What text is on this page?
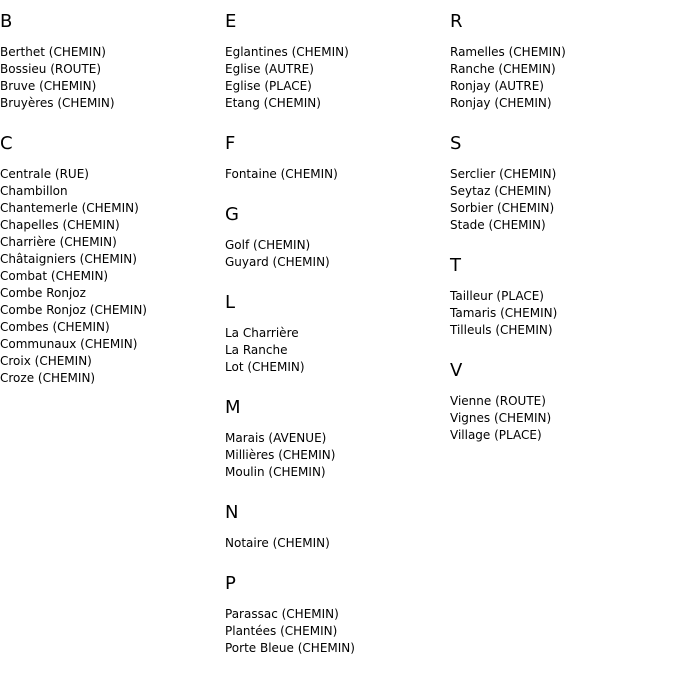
B
Berthet (CHEMIN)
Bossieu (ROUTE)
Bruve (CHEMIN)
Bruyères (CHEMIN)
C
Centrale (RUE)
Chambillon
Chantemerle (CHEMIN)
Chapelles (CHEMIN)
Charrière (CHEMIN)
Châtaigniers (CHEMIN)
Combat (CHEMIN)
Combe Ronjoz
Combe Ronjoz (CHEMIN)
Combes (CHEMIN)
Communaux (CHEMIN)
Croix (CHEMIN)
Croze (CHEMIN)
E
Eglantines (CHEMIN)
Eglise (AUTRE)
Eglise (PLACE)
Etang (CHEMIN)
F
Fontaine (CHEMIN)
G
Golf (CHEMIN)
Guyard (CHEMIN)
L
La Charrière
La Ranche
Lot (CHEMIN)
M
Marais (AVENUE)
Millières (CHEMIN)
Moulin (CHEMIN)
N
Notaire (CHEMIN)
P
Parassac (CHEMIN)
Plantées (CHEMIN)
Porte Bleue (CHEMIN)
R
Ramelles (CHEMIN)
Ranche (CHEMIN)
Ronjay (AUTRE)
Ronjay (CHEMIN)
S
Serclier (CHEMIN)
Seytaz (CHEMIN)
Sorbier (CHEMIN)
Stade (CHEMIN)
T
Tailleur (PLACE)
Tamaris (CHEMIN)
Tilleuls (CHEMIN)
V
Vienne (ROUTE)
Vignes (CHEMIN)
Village (PLACE)
